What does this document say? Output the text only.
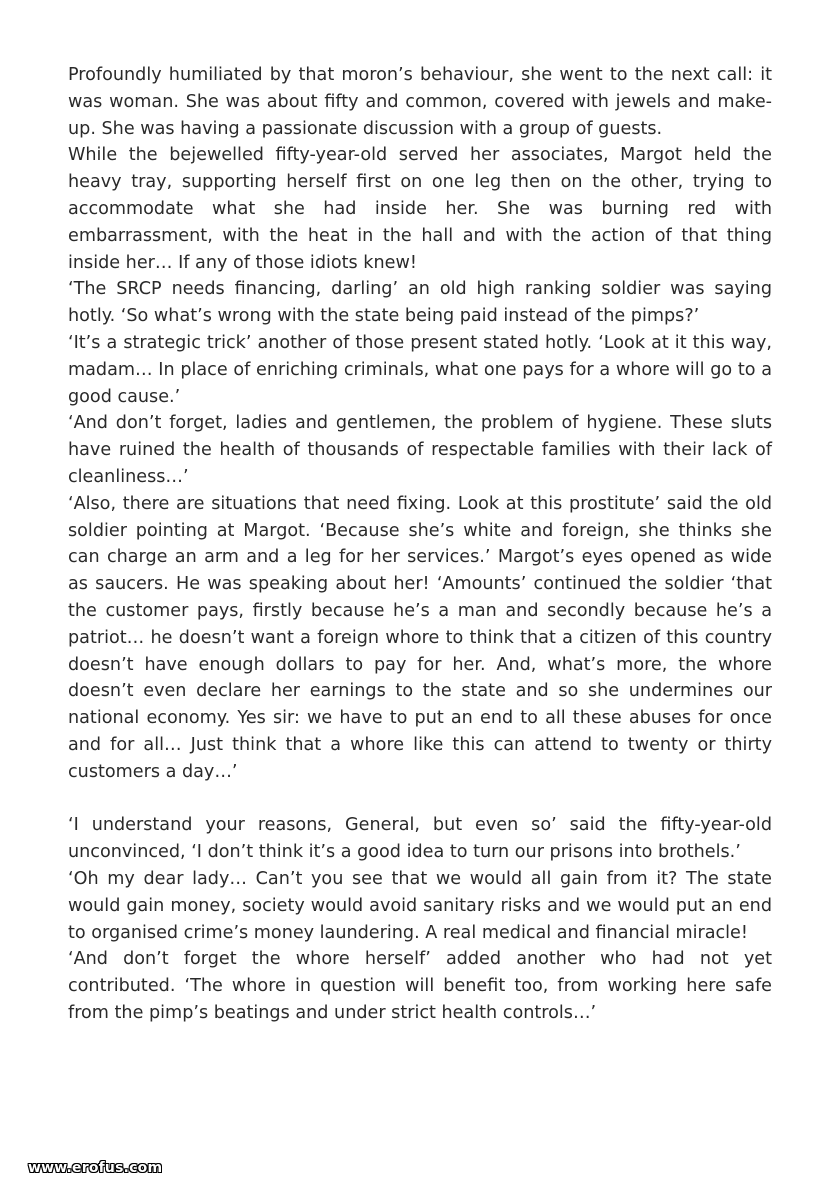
Profoundly humiliated by that moron’s behaviour, she went to the next call: it was woman. She was about fifty and common, covered with jewels and make-up. She was having a passionate discussion with a group of guests.

While the bejewelled fifty-year-old served her associates, Margot held the heavy tray, supporting herself first on one leg then on the other, trying to accommodate what she had inside her. She was burning red with embarrassment, with the heat in the hall and with the action of that thing inside her… If any of those idiots knew!

‘The SRCP needs financing, darling’ an old high ranking soldier was saying hotly. ‘So what’s wrong with the state being paid instead of the pimps?’

‘It’s a strategic trick’ another of those present stated hotly. ‘Look at it this way, madam… In place of enriching criminals, what one pays for a whore will go to a good cause.’

‘And don’t forget, ladies and gentlemen, the problem of hygiene. These sluts have ruined the health of thousands of respectable families with their lack of cleanliness…’

‘Also, there are situations that need fixing. Look at this prostitute’ said the old soldier pointing at Margot. ‘Because she’s white and foreign, she thinks she can charge an arm and a leg for her services.’ Margot’s eyes opened as wide as saucers. He was speaking about her! ‘Amounts’ continued the soldier ‘that the customer pays, firstly because he’s a man and secondly because he’s a patriot… he doesn’t want a foreign whore to think that a citizen of this country doesn’t have enough dollars to pay for her. And, what’s more, the whore doesn’t even declare her earnings to the state and so she undermines our national economy. Yes sir: we have to put an end to all these abuses for once and for all… Just think that a whore like this can attend to twenty or thirty customers a day…’

‘I understand your reasons, General, but even so’ said the fifty-year-old unconvinced, ‘I don’t think it’s a good idea to turn our prisons into brothels.’

‘Oh my dear lady… Can’t you see that we would all gain from it? The state would gain money, society would avoid sanitary risks and we would put an end to organised crime’s money laundering. A real medical and financial miracle!

‘And don’t forget the whore herself’ added another who had not yet contributed. ‘The whore in question will benefit too, from working here safe from the pimp’s beatings and under strict health controls…’

www.erofus.com
